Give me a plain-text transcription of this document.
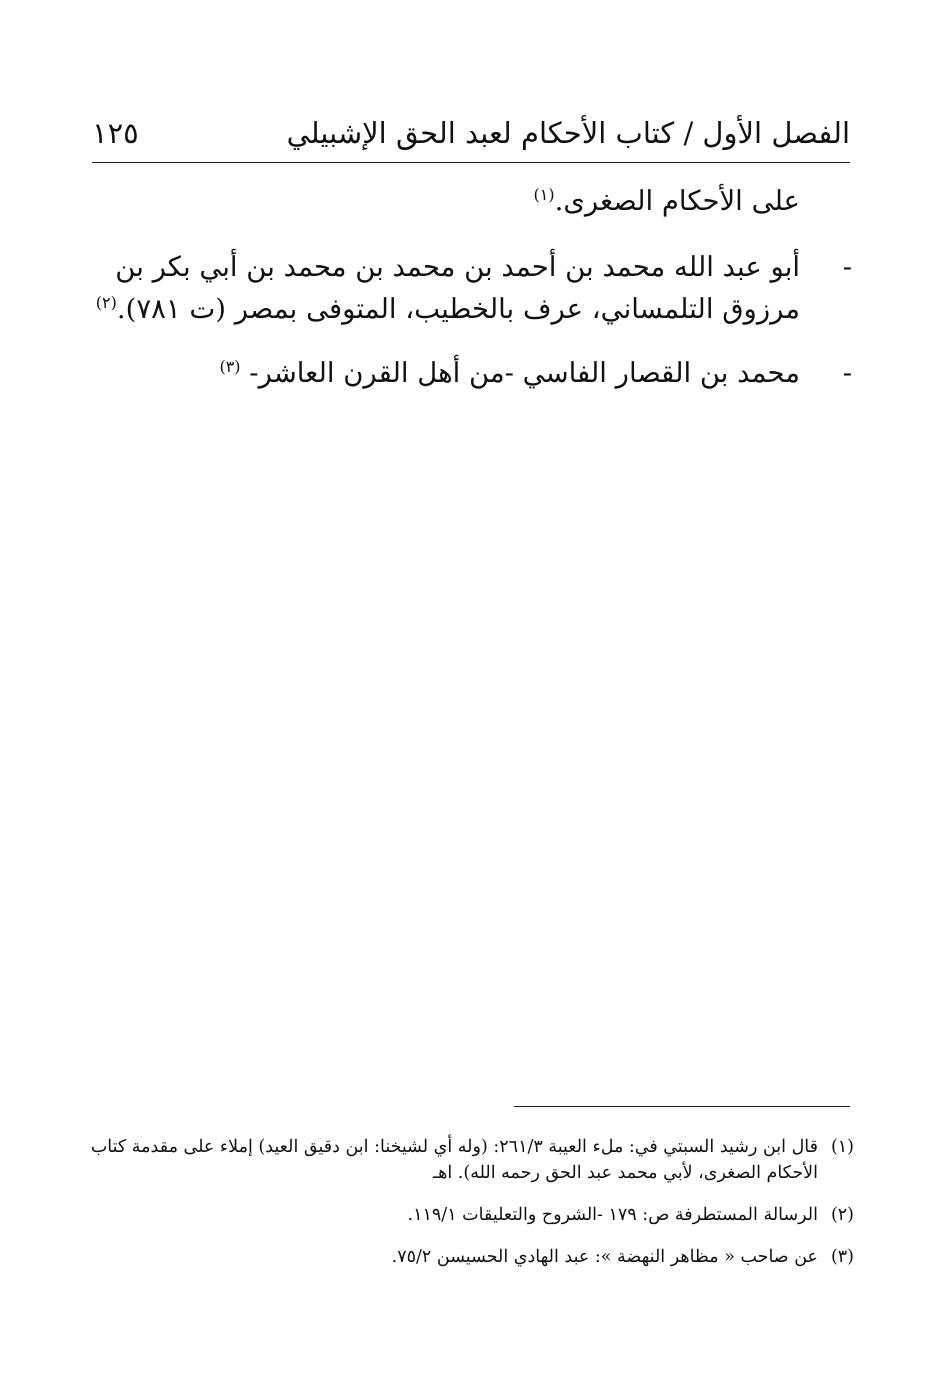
الفصل الأول / كتاب الأحكام لعبد الحق الإشبيلي
١٢٥

على الأحكام الصغرى.$^{(١)}$

-
أبو عبد الله محمد بن أحمد بن محمد بن محمد بن أبي بكر بن مرزوق التلمساني، عرف بالخطيب، المتوفى بمصر (ت ٧٨١).$^{(٢)}$

-
محمد بن القصار الفاسي -من أهل القرن العاشر- $^{(٣)}$

(١)
قال ابن رشيد السبتي في: ملء العيبة ٢٦١/٣: (وله أي لشيخنا: ابن دقيق العيد) إملاء على مقدمة كتاب الأحكام الصغرى، لأبي محمد عبد الحق رحمه الله). اهـ
(٢)
الرسالة المستطرفة ص: ١٧٩ -الشروح والتعليقات ١١٩/١.
(٣)
عن صاحب « مظاهر النهضة »: عبد الهادي الحسيسن ٧٥/٢.
